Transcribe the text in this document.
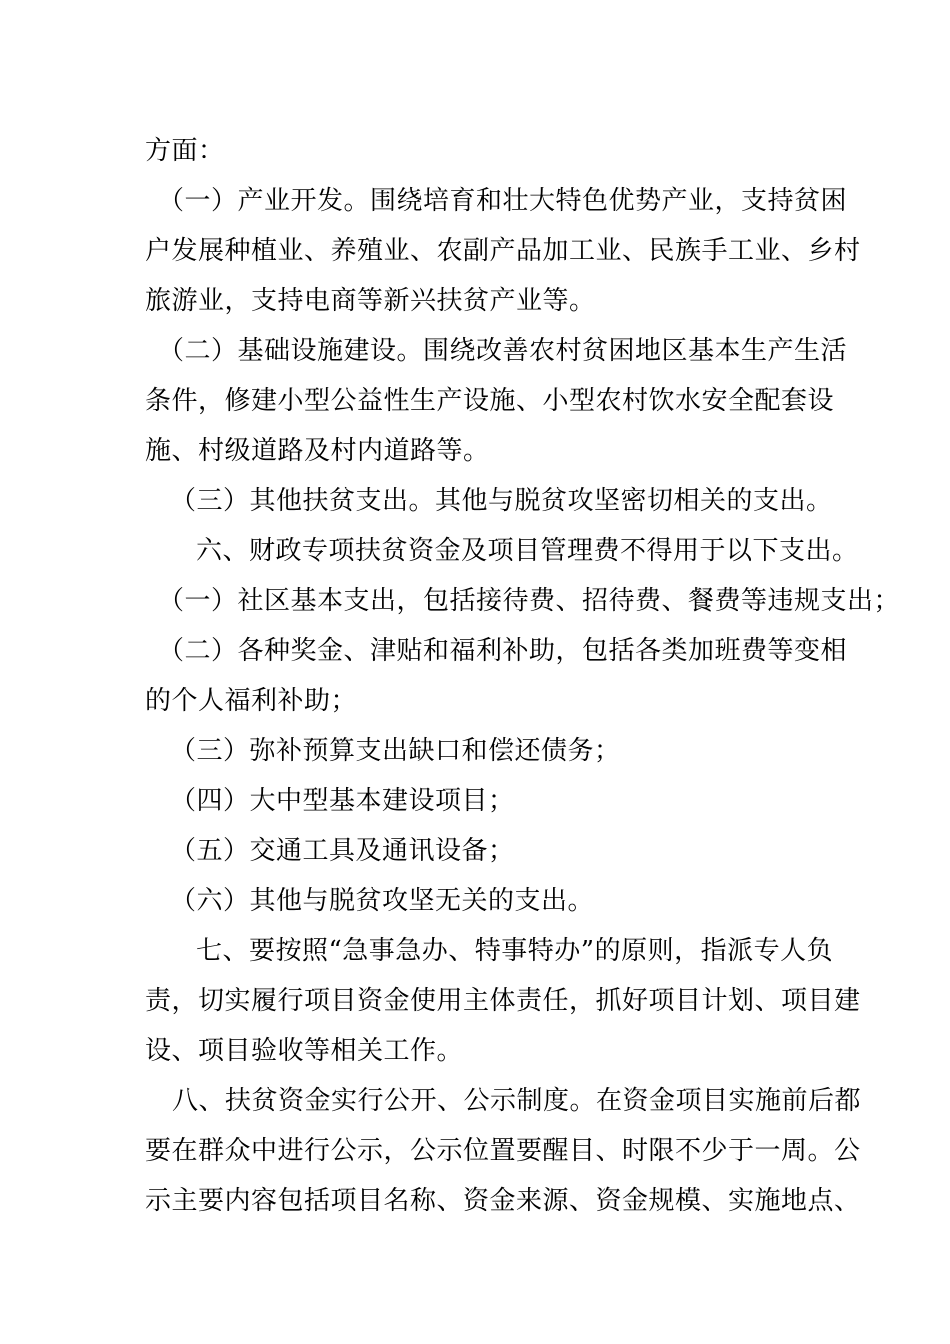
方面：
（一）产业开发。围绕培育和壮大特色优势产业，支持贫困
户发展种植业、养殖业、农副产品加工业、民族手工业、乡村
旅游业，支持电商等新兴扶贫产业等。
（二）基础设施建设。围绕改善农村贫困地区基本生产生活
条件，修建小型公益性生产设施、小型农村饮水安全配套设
施、村级道路及村内道路等。
（三）其他扶贫支出。其他与脱贫攻坚密切相关的支出。
六、财政专项扶贫资金及项目管理费不得用于以下支出。
（一）社区基本支出，包括接待费、招待费、餐费等违规支出；
（二）各种奖金、津贴和福利补助，包括各类加班费等变相
的个人福利补助；
（三）弥补预算支出缺口和偿还债务；
（四）大中型基本建设项目；
（五）交通工具及通讯设备；
（六）其他与脱贫攻坚无关的支出。
七、要按照“急事急办、特事特办”的原则，指派专人负
责，切实履行项目资金使用主体责任，抓好项目计划、项目建
设、项目验收等相关工作。
八、扶贫资金实行公开、公示制度。在资金项目实施前后都
要在群众中进行公示，公示位置要醒目、时限不少于一周。公
示主要内容包括项目名称、资金来源、资金规模、实施地点、
